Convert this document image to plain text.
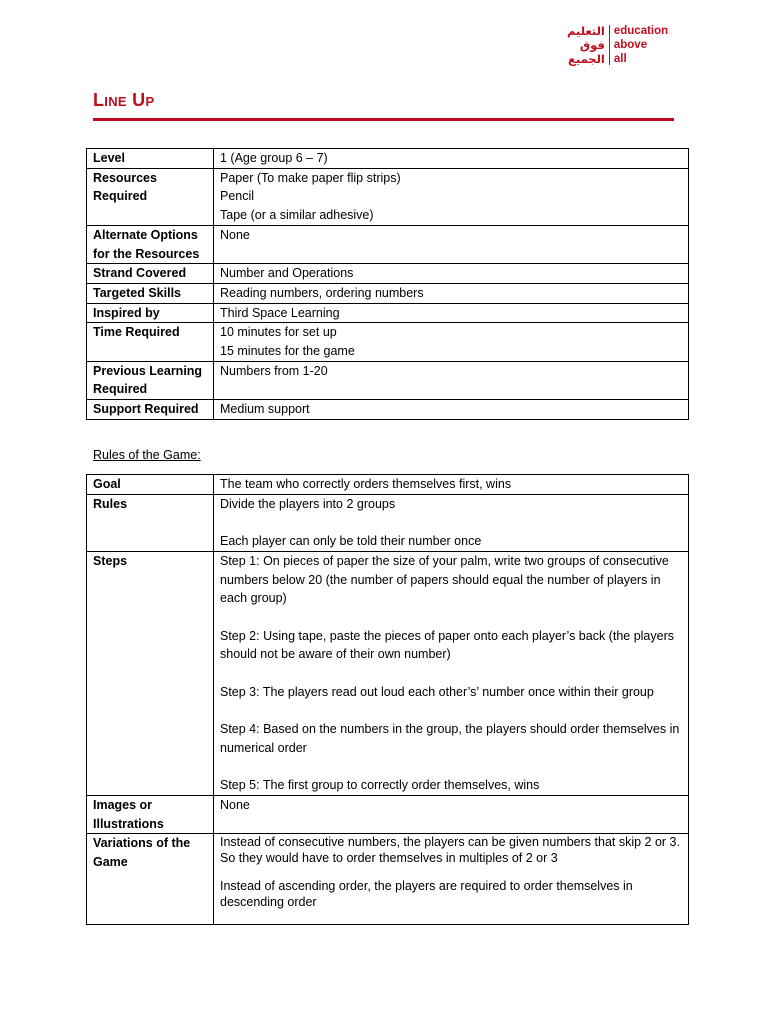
التعليم
فوق
الجميع
education
above
all
Line Up
Level	1 (Age group 6 – 7)

Resources Required	Paper (To make paper flip strips)
Pencil
Tape (or a similar adhesive)

Alternate Options for the Resources	None

Strand Covered	Number and Operations

Targeted Skills	Reading numbers, ordering numbers

Inspired by	Third Space Learning

Time Required	10 minutes for set up
15 minutes for the game

Previous Learning Required	Numbers from 1-20

Support Required	Medium support
Rules of the Game:
Goal	The team who correctly orders themselves first, wins
Rules	Divide the players into 2 groups
Each player can only be told their number once

Steps	Step 1: On pieces of paper the size of your palm, write two groups of consecutive numbers below 20 (the number of papers should equal the number of players in each group)
Step 2: Using tape, paste the pieces of paper onto each player’s back (the players should not be aware of their own number)
Step 3: The players read out loud each other’s’ number once within their group
Step 4: Based on the numbers in the group, the players should order themselves in numerical order
Step 5: The first group to correctly order themselves, wins

Images or Illustrations	None
Variations of the Game	Instead of consecutive numbers, the players can be given numbers that skip 2 or 3. So they would have to order themselves in multiples of 2 or 3
Instead of ascending order, the players are required to order themselves in descending order
